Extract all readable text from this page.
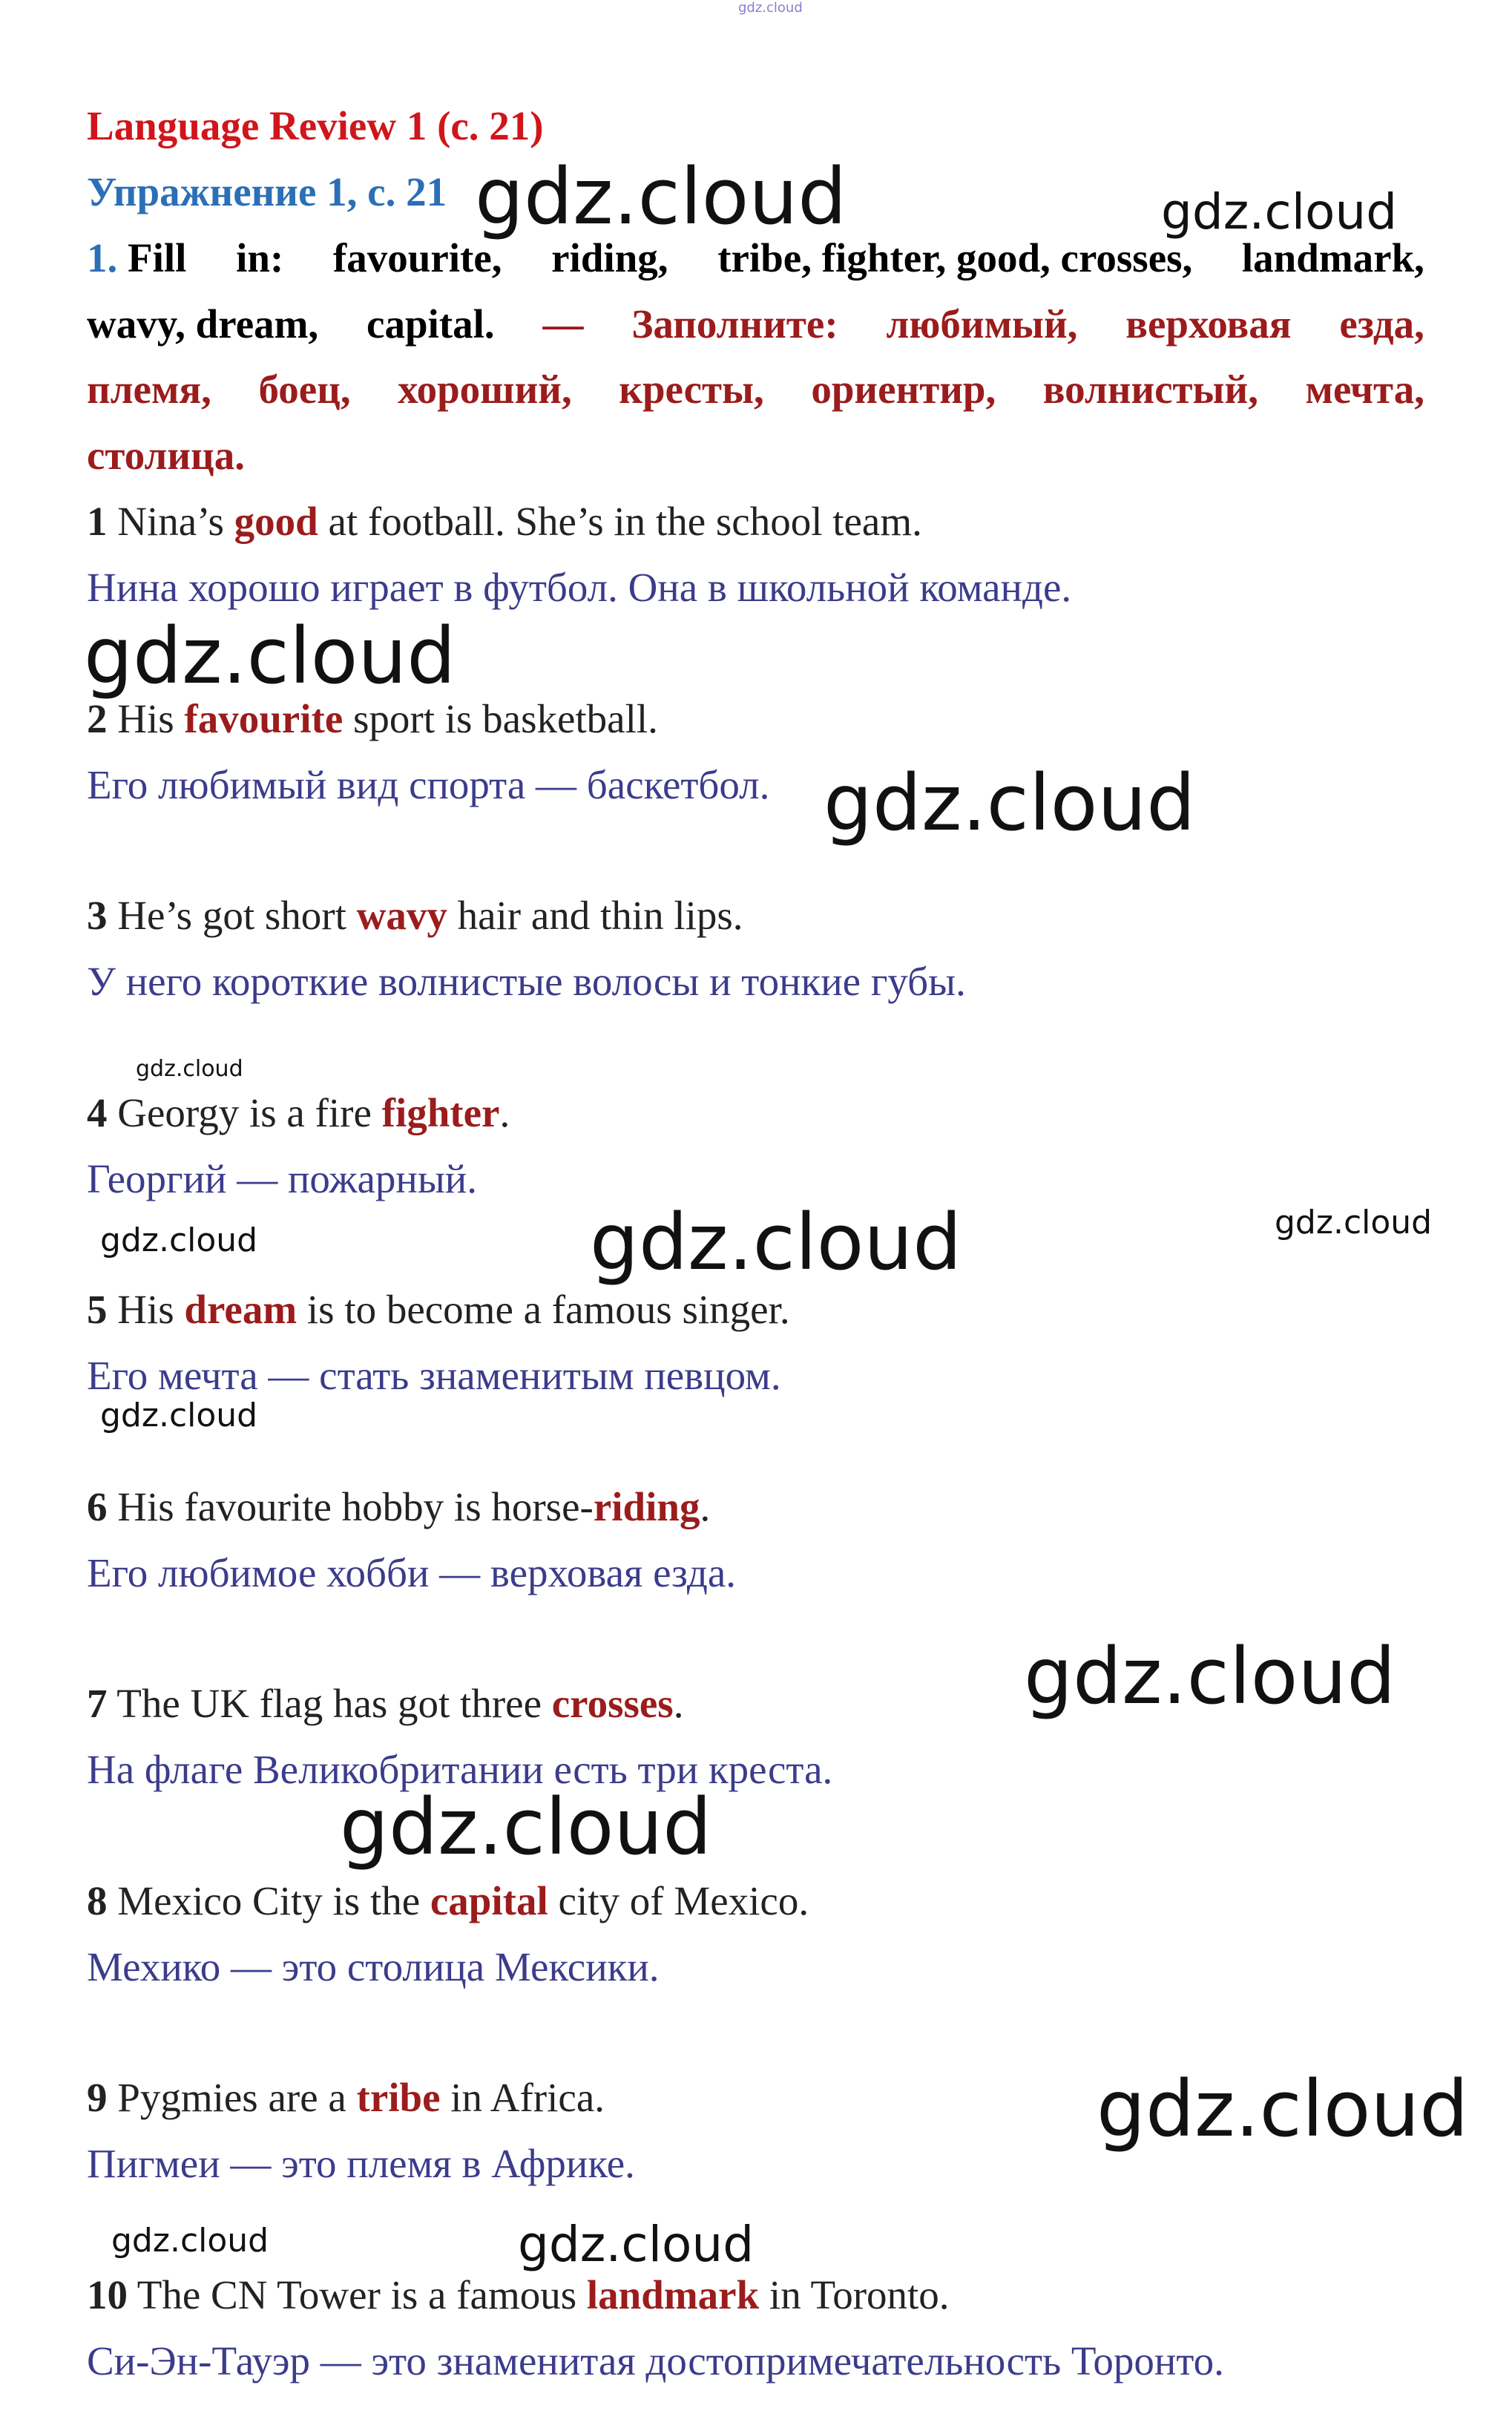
gdz.cloud
Language Review 1 (с. 21)
Упражнение 1, с. 21
1. Fill in: favourite, riding, tribe, fighter, good, crosses, landmark,
wavy, dream, capital. — Заполните: любимый, верховая езда,
племя, боец, хороший, кресты, ориентир, волнистый, мечта,
столица.
1 Nina’s good at football. She’s in the school team.
Нина хорошо играет в футбол. Она в школьной команде.
2 His favourite sport is basketball.
Его любимый вид спорта — баскетбол.
3 He’s got short wavy hair and thin lips.
У него короткие волнистые волосы и тонкие губы.
4 Georgy is a fire fighter.
Георгий — пожарный.
5 His dream is to become a famous singer.
Его мечта — стать знаменитым певцом.
6 His favourite hobby is horse-riding.
Его любимое хобби — верховая езда.
7 The UK flag has got three crosses.
На флаге Великобритании есть три креста.
8 Mexico City is the capital city of Mexico.
Мехико — это столица Мексики.
9 Pygmies are a tribe in Africa.
Пигмеи — это племя в Африке.
10 The CN Tower is a famous landmark in Toronto.
Си-Эн-Тауэр — это знаменитая достопримечательность Торонто.
gdz.cloud	gdz.cloud
gdz.cloud
gdz.cloud
gdz.cloud
gdz.cloud	gdz.cloud	gdz.cloud
gdz.cloud
gdz.cloud
gdz.cloud
gdz.cloud
gdz.cloud	gdz.cloud
